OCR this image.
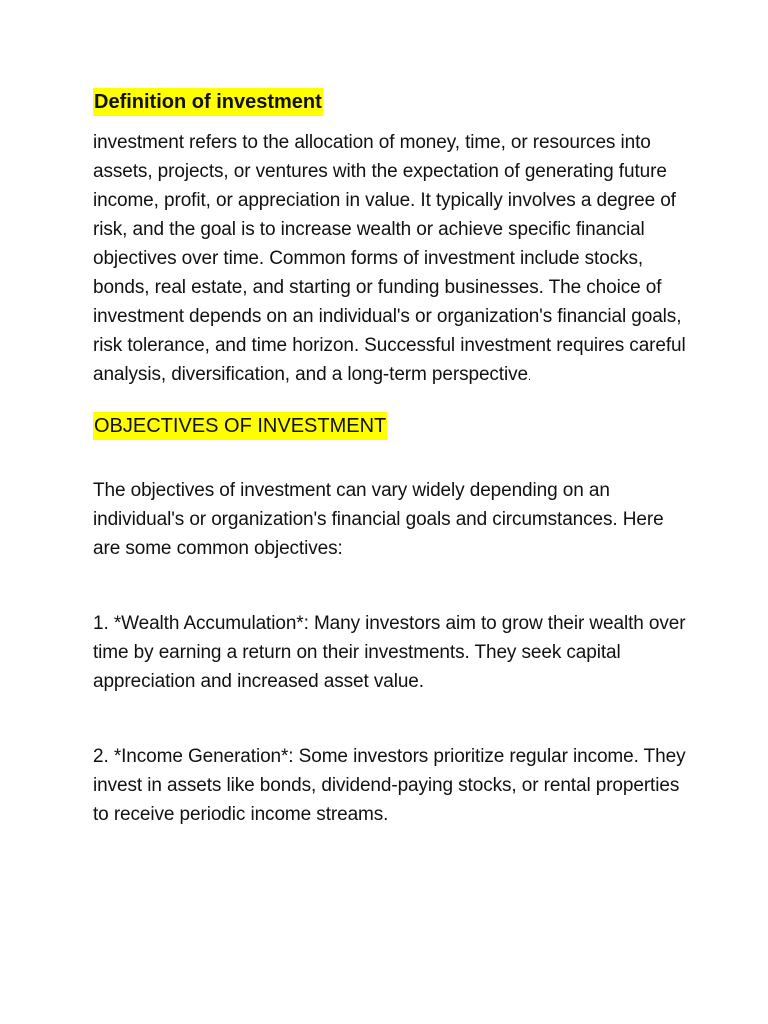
Definition of investment

investment refers to the allocation of money, time, or resources into assets, projects, or ventures with the expectation of generating future income, profit, or appreciation in value. It typically involves a degree of risk, and the goal is to increase wealth or achieve specific financial objectives over time. Common forms of investment include stocks, bonds, real estate, and starting or funding businesses. The choice of investment depends on an individual's or organization's financial goals, risk tolerance, and time horizon. Successful investment requires careful analysis, diversification, and a long-term perspective.

OBJECTIVES OF INVESTMENT

The objectives of investment can vary widely depending on an individual's or organization's financial goals and circumstances. Here are some common objectives:

1. *Wealth Accumulation*: Many investors aim to grow their wealth over time by earning a return on their investments. They seek capital appreciation and increased asset value.

2. *Income Generation*: Some investors prioritize regular income. They invest in assets like bonds, dividend-paying stocks, or rental properties to receive periodic income streams.
